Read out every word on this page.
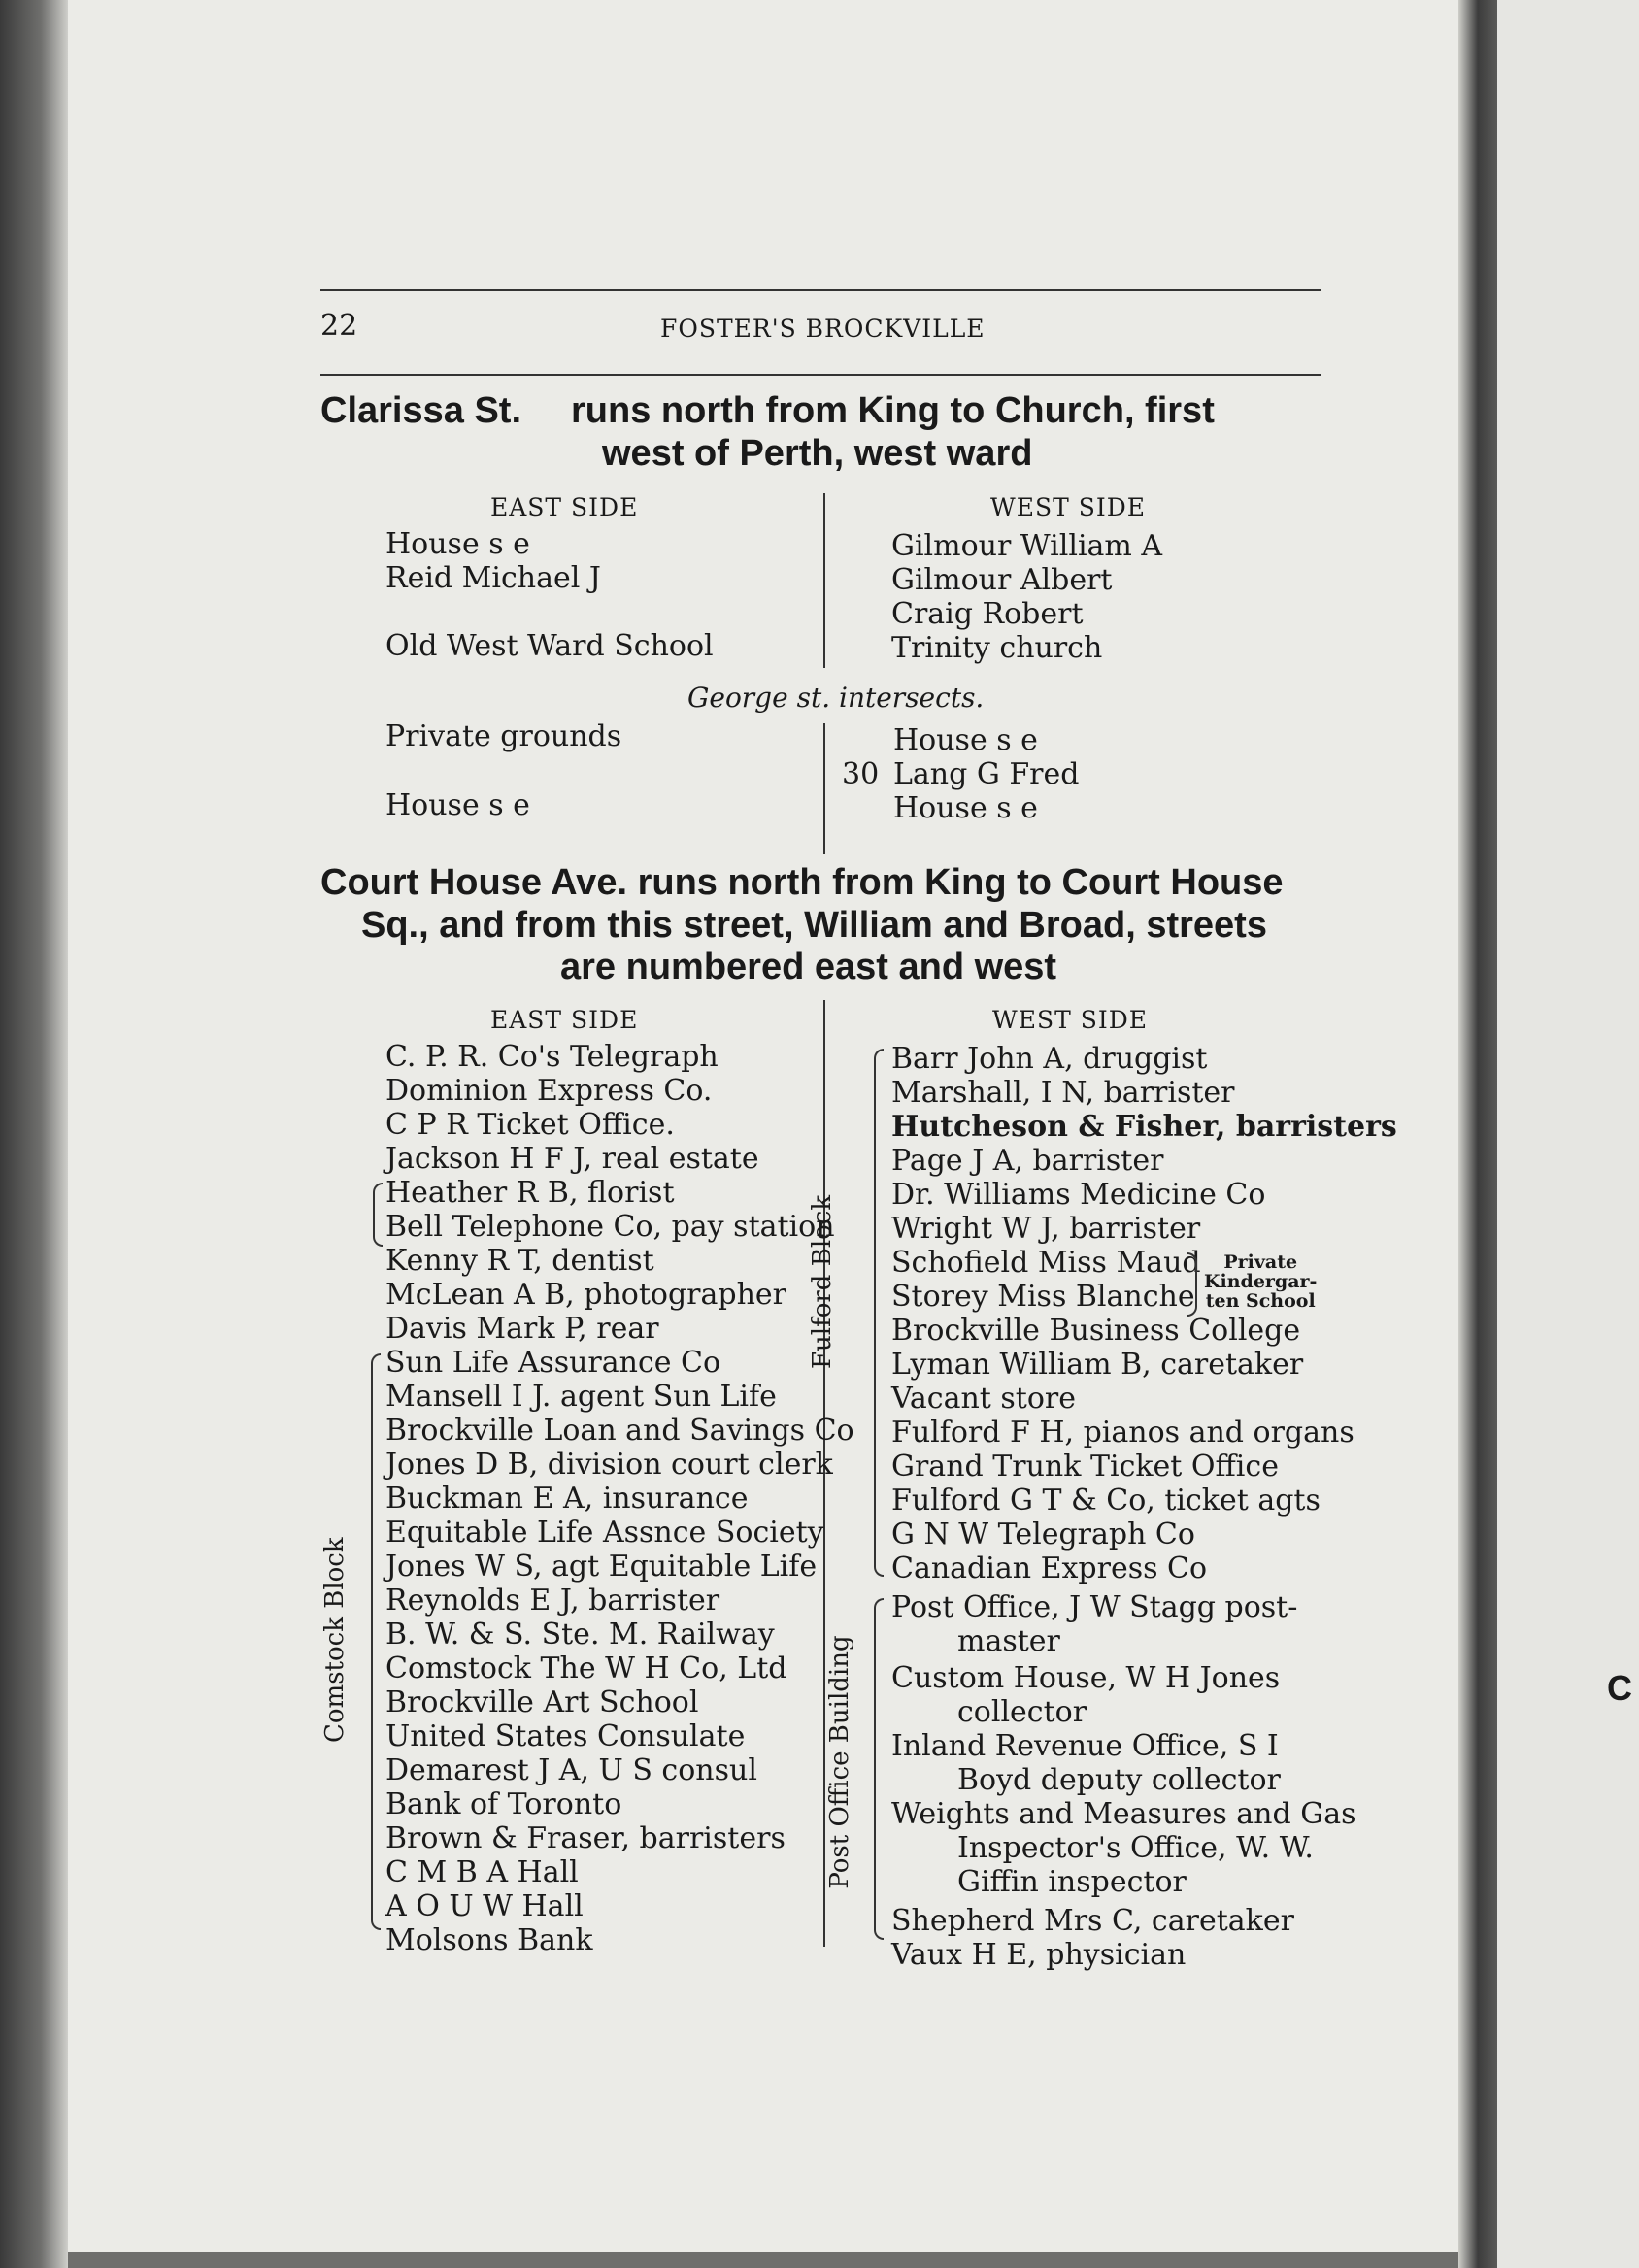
C
22	FOSTER'S BROCKVILLE
Clarissa St. runs north from King to Church, first
west of Perth, west ward
EAST SIDE	WEST SIDE
House s e
Reid Michael J
Old West Ward School
Gilmour William A
Gilmour Albert
Craig Robert
Trinity church
George st. intersects.
Private grounds
House s e
House s e
30 Lang G Fred
House s e
Court House Ave. runs north from King to Court House
Sq., and from this street, William and Broad, streets
are numbered east and west
EAST SIDE	WEST SIDE
C. P. R. Co's Telegraph
Dominion Express Co.
C P R Ticket Office.
Jackson H F J, real estate
Heather R B, florist
Bell Telephone Co, pay station
Kenny R T, dentist
McLean A B, photographer
Davis Mark P, rear
Sun Life Assurance Co
Mansell I J. agent Sun Life
Brockville Loan and Savings Co
Jones D B, division court clerk
Buckman E A, insurance
Equitable Life Assnce Society
Jones W S, agt Equitable Life
Reynolds E J, barrister
B. W. & S. Ste. M. Railway
Comstock The W H Co, Ltd
Brockville Art School
United States Consulate
Demarest J A, U S consul
Bank of Toronto
Brown & Fraser, barristers
C M B A Hall
A O U W Hall
Molsons Bank
Comstock Block
Barr John A, druggist
Marshall, I N, barrister
Hutcheson & Fisher, barristers
Page J A, barrister
Dr. Williams Medicine Co
Wright W J, barrister
Schofield Miss Maud
Storey Miss Blanche
Brockville Business College
Lyman William B, caretaker
Vacant store
Fulford F H, pianos and organs
Grand Trunk Ticket Office
Fulford G T & Co, ticket agts
G N W Telegraph Co
Canadian Express Co
Post Office, J W Stagg post-
master
Custom House, W H Jones
collector
Inland Revenue Office, S I
Boyd deputy collector
Weights and Measures and Gas
Inspector's Office, W. W.
Giffin inspector
Shepherd Mrs C, caretaker
Vaux H E, physician
Private
Kindergar-
ten School
Fulford Block
Post Office Building
